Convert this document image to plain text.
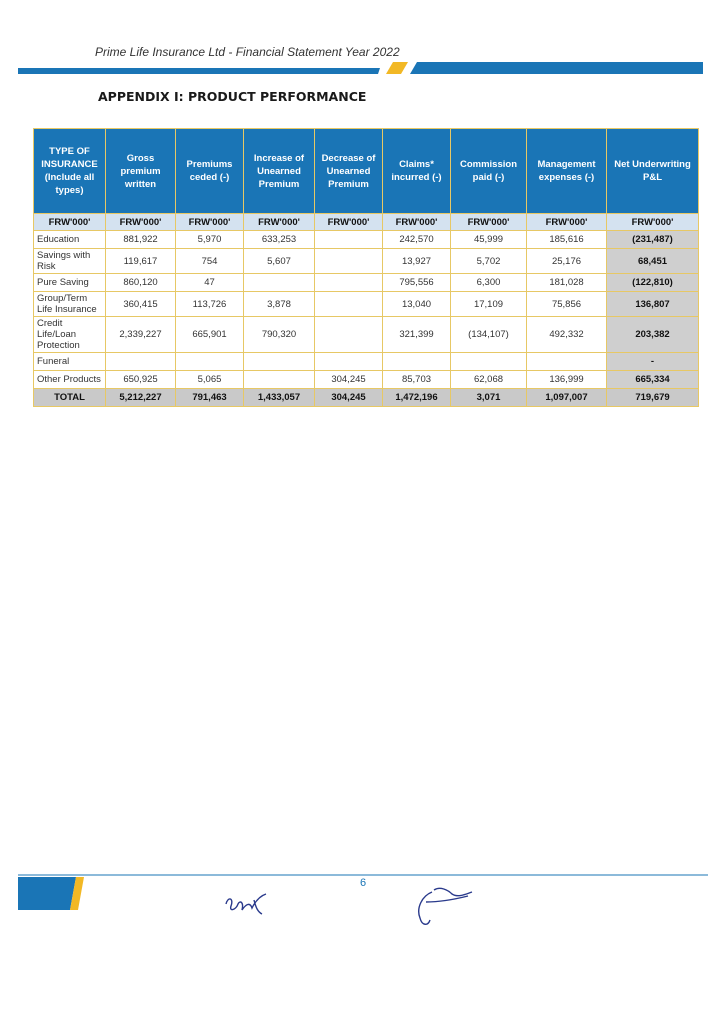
Prime Life Insurance Ltd - Financial Statement Year 2022
APPENDIX I: PRODUCT PERFORMANCE
TYPE OF INSURANCE (Include all types)	Gross premium written	Premiums ceded (-)	Increase of Unearned Premium	Decrease of Unearned Premium	Claims* incurred (-)	Commission paid (-)	Management expenses (-)	Net Underwriting P&L
FRW'000'	FRW'000'	FRW'000'	FRW'000'	FRW'000'	FRW'000'	FRW'000'	FRW'000'	FRW'000'
Education	881,922	5,970	633,253		242,570	45,999	185,616	(231,487)
Savings with Risk	119,617	754	5,607		13,927	5,702	25,176	68,451
Pure Saving	860,120	47			795,556	6,300	181,028	(122,810)
Group/Term Life Insurance	360,415	113,726	3,878		13,040	17,109	75,856	136,807
Credit Life/Loan Protection	2,339,227	665,901	790,320		321,399	(134,107)	492,332	203,382
Funeral								-
Other Products	650,925	5,065		304,245	85,703	62,068	136,999	665,334
TOTAL	5,212,227	791,463	1,433,057	304,245	1,472,196	3,071	1,097,007	719,679
6
